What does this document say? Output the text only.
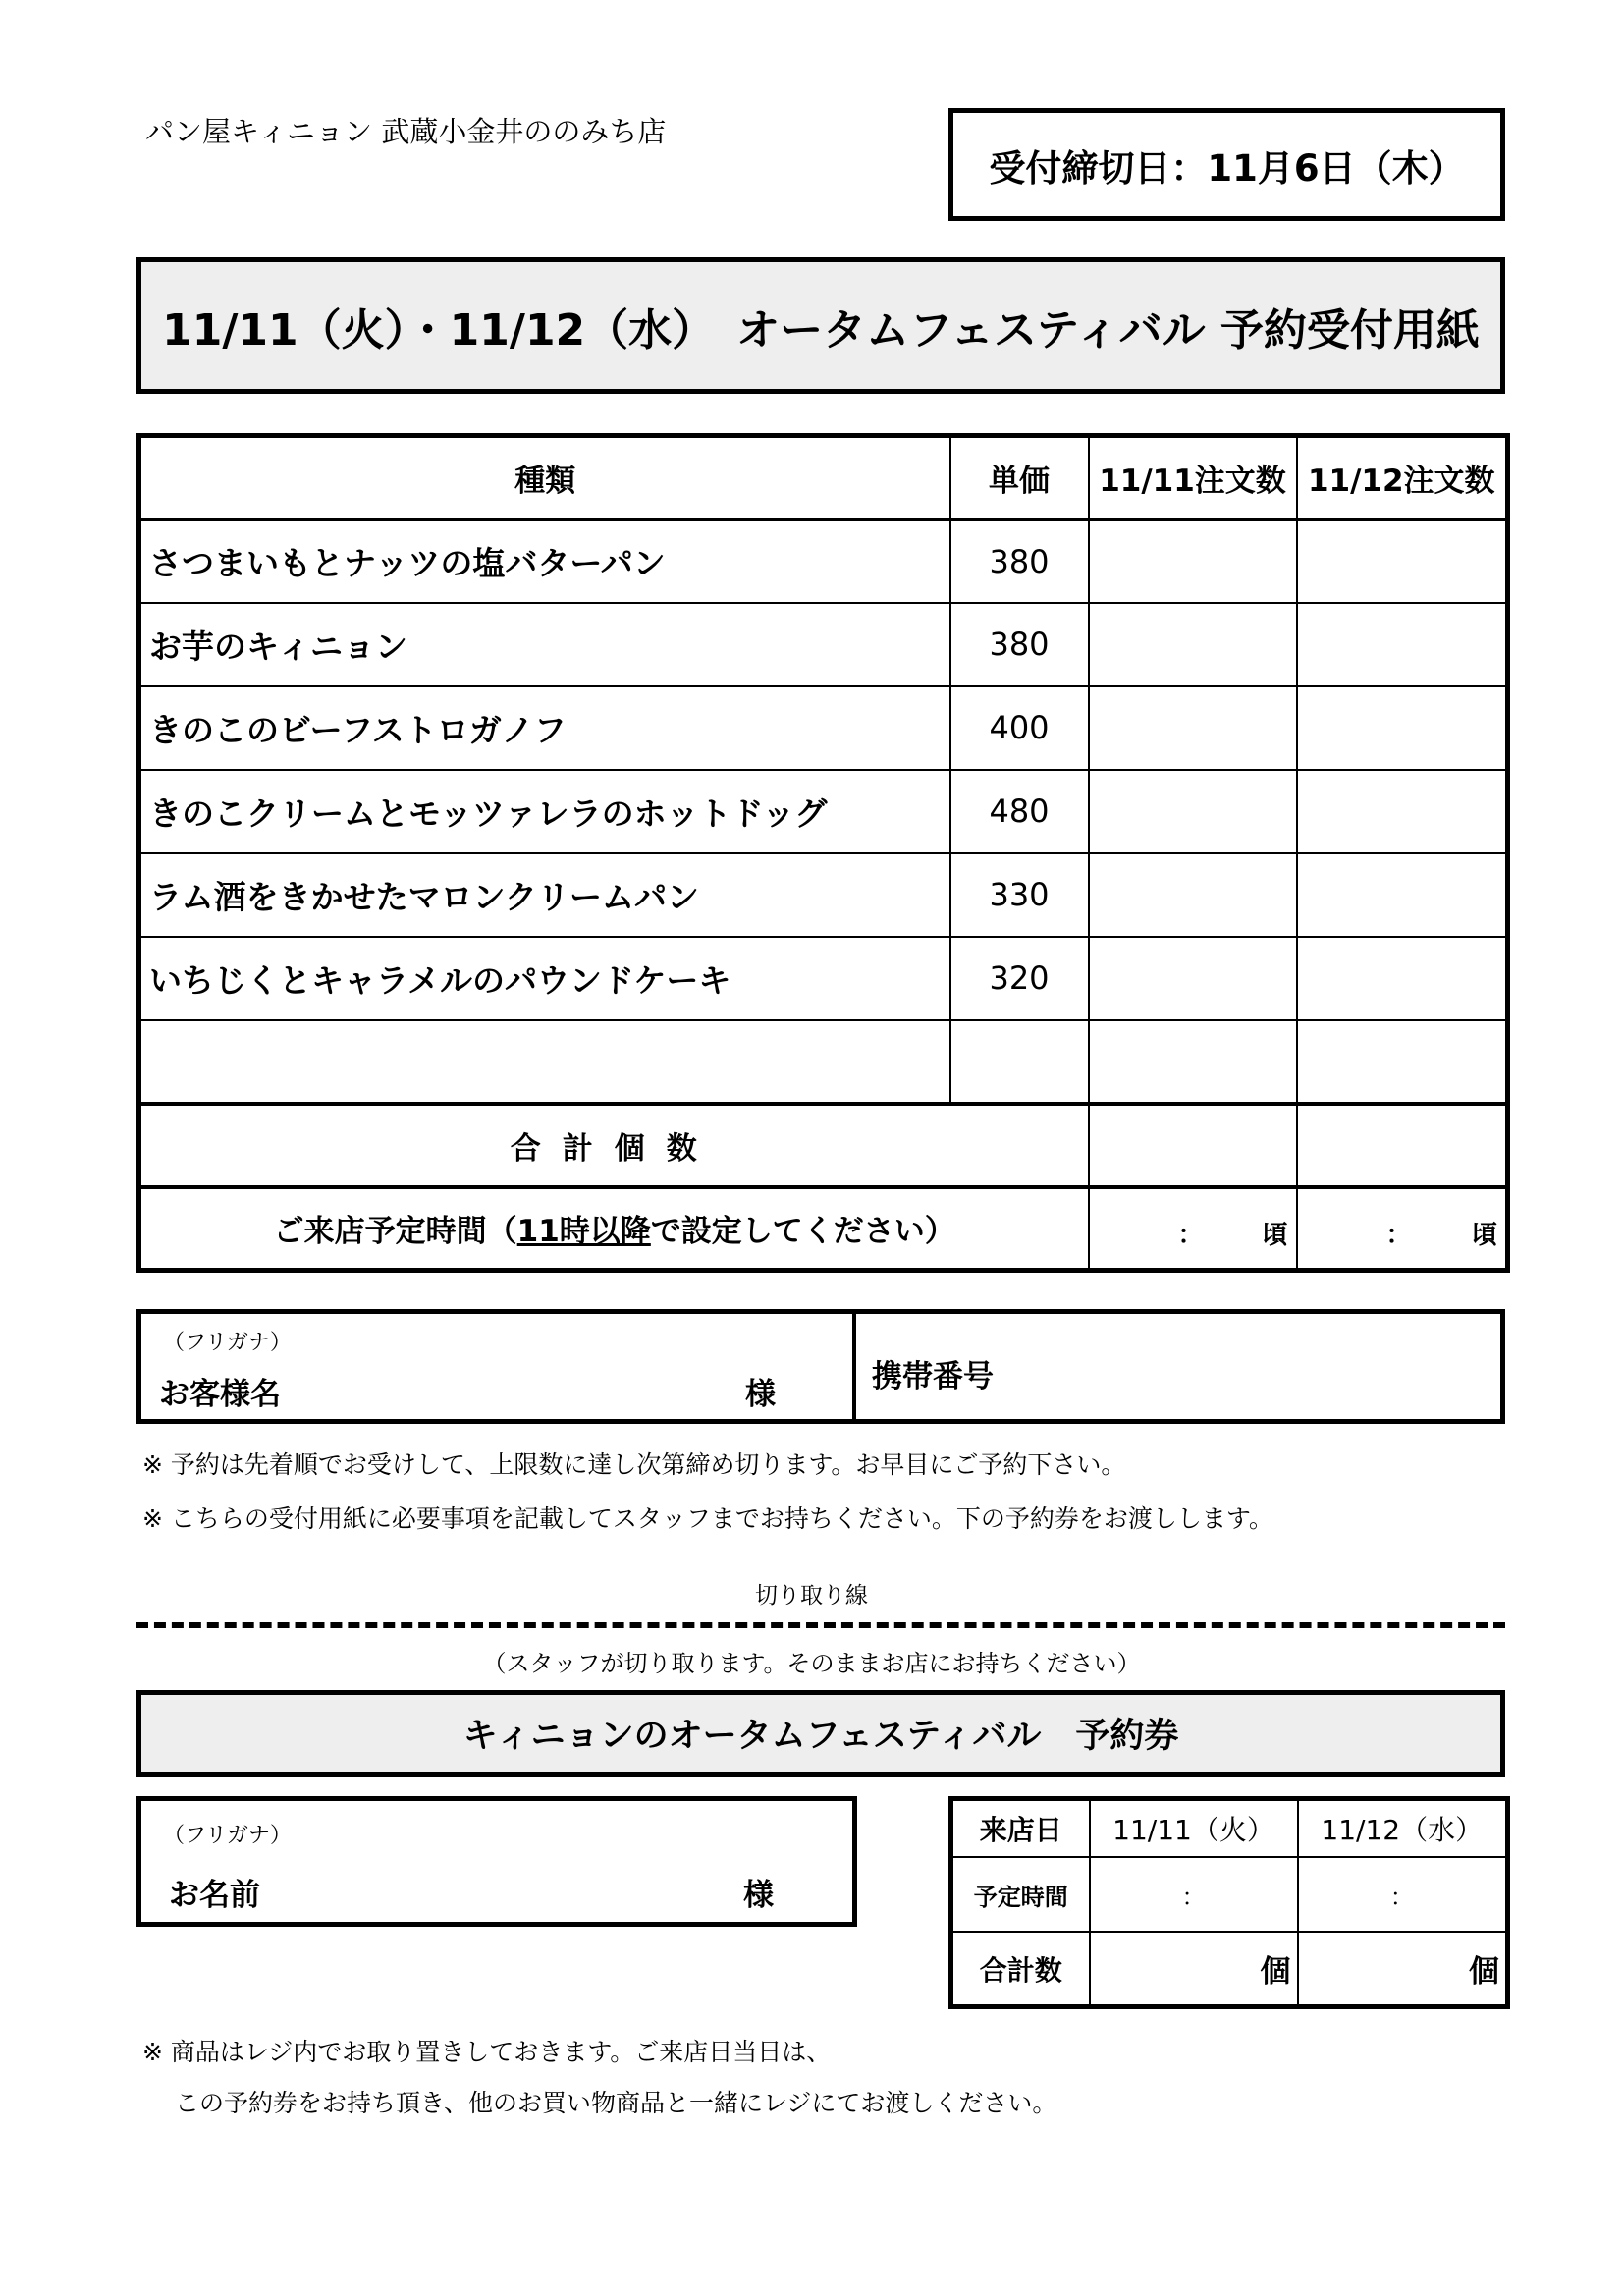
パン屋キィニョン 武蔵小金井ののみち店
受付締切日：11月6日（木）
11/11（火）・11/12（水）　オータムフェスティバル 予約受付用紙
種類	単価	11/11注文数	11/12注文数
さつまいもとナッツの塩バターパン	380		
お芋のキィニョン	380		
きのこのビーフストロガノフ	400		
きのこクリームとモッツァレラのホットドッグ	480		
ラム酒をきかせたマロンクリームパン	330		
いちじくとキャラメルのパウンドケーキ	320		

合計個数			
ご来店予定時間（11時以降で設定してください）		： 頃	： 頃
（フリガナ）
お客様名	様	携帯番号
※ 予約は先着順でお受けして、上限数に達し次第締め切ります。お早目にご予約下さい。
※ こちらの受付用紙に必要事項を記載してスタッフまでお持ちください。下の予約券をお渡しします。
切り取り線
（スタッフが切り取ります。そのままお店にお持ちください）
キィニョンのオータムフェスティバル　予約券
（フリガナ）
お名前	様
来店日	11/11（火）	11/12（水）
予定時間	：	：
合計数	個	個
※ 商品はレジ内でお取り置きしておきます。ご来店日当日は、
　 この予約券をお持ち頂き、他のお買い物商品と一緒にレジにてお渡しください。
